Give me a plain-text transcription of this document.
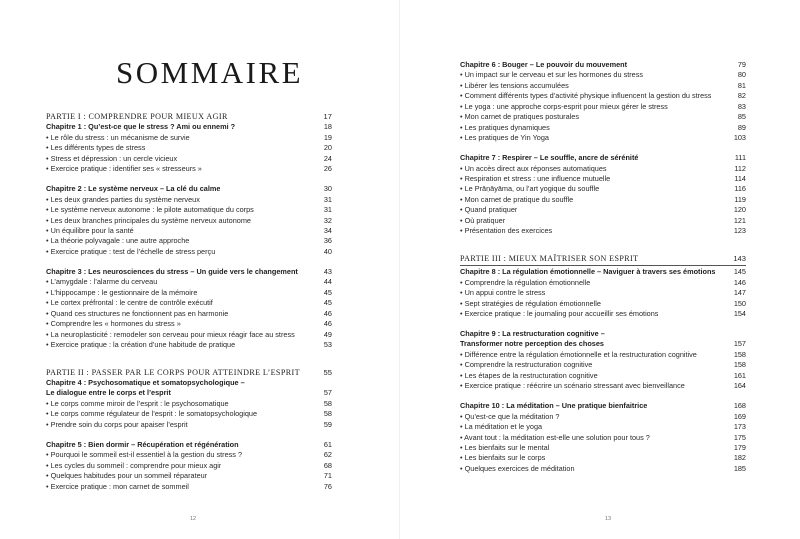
SOMMAIRE
PARTIE I : COMPRENDRE POUR MIEUX AGIR	17
Chapitre 1 : Qu’est-ce que le stress ? Ami ou ennemi ?	18
• Le rôle du stress : un mécanisme de survie	19
• Les différents types de stress	20
• Stress et dépression : un cercle vicieux	24
• Exercice pratique : identifier ses « stresseurs »	26
Chapitre 2 : Le système nerveux – La clé du calme	30
• Les deux grandes parties du système nerveux	31
• Le système nerveux autonome : le pilote automatique du corps	31
• Les deux branches principales du système nerveux autonome	32
• Un équilibre pour la santé	34
• La théorie polyvagale : une autre approche	36
• Exercice pratique : test de l’échelle de stress perçu	40
Chapitre 3 : Les neurosciences du stress – Un guide vers le changement	43
• L’amygdale : l’alarme du cerveau	44
• L’hippocampe : le gestionnaire de la mémoire	45
• Le cortex préfrontal : le centre de contrôle exécutif	45
• Quand ces structures ne fonctionnent pas en harmonie	46
• Comprendre les « hormones du stress »	46
• La neuroplasticité : remodeler son cerveau pour mieux réagir face au stress	49
• Exercice pratique : la création d’une habitude de pratique	53
PARTIE II : PASSER PAR LE CORPS POUR ATTEINDRE L’ESPRIT	55
Chapitre 4 : Psychosomatique et somatopsychologique –
Le dialogue entre le corps et l’esprit	57
• Le corps comme miroir de l’esprit : le psychosomatique	58
• Le corps comme régulateur de l’esprit : le somatopsychologique	58
• Prendre soin du corps pour apaiser l’esprit	59
Chapitre 5 : Bien dormir – Récupération et régénération	61
• Pourquoi le sommeil est-il essentiel à la gestion du stress ?	62
• Les cycles du sommeil : comprendre pour mieux agir	68
• Quelques habitudes pour un sommeil réparateur	71
• Exercice pratique : mon carnet de sommeil	76
12
Chapitre 6 : Bouger – Le pouvoir du mouvement	79
• Un impact sur le cerveau et sur les hormones du stress	80
• Libérer les tensions accumulées	81
• Comment différents types d’activité physique influencent la gestion du stress	82
• Le yoga : une approche corps-esprit pour mieux gérer le stress	83
• Mon carnet de pratiques posturales	85
• Les pratiques dynamiques	89
• Les pratiques de Yin Yoga	103
Chapitre 7 : Respirer – Le souffle, ancre de sérénité	111
• Un accès direct aux réponses automatiques	112
• Respiration et stress : une influence mutuelle	114
• Le Prāṇāyāma, ou l’art yogique du souffle	116
• Mon carnet de pratique du souffle	119
• Quand pratiquer	120
• Où pratiquer	121
• Présentation des exercices	123
PARTIE III : MIEUX MAÎTRISER SON ESPRIT	143
Chapitre 8 : La régulation émotionnelle – Naviguer à travers ses émotions	145
• Comprendre la régulation émotionnelle	146
• Un appui contre le stress	147
• Sept stratégies de régulation émotionnelle	150
• Exercice pratique : le journaling pour accueillir ses émotions	154
Chapitre 9 : La restructuration cognitive –
Transformer notre perception des choses	157
• Différence entre la régulation émotionnelle et la restructuration cognitive	158
• Comprendre la restructuration cognitive	158
• Les étapes de la restructuration cognitive	161
• Exercice pratique : réécrire un scénario stressant avec bienveillance	164
Chapitre 10 : La méditation – Une pratique bienfaitrice	168
• Qu’est-ce que la méditation ?	169
• La méditation et le yoga	173
• Avant tout : la méditation est-elle une solution pour tous ?	175
• Les bienfaits sur le mental	179
• Les bienfaits sur le corps	182
• Quelques exercices de méditation	185
13
